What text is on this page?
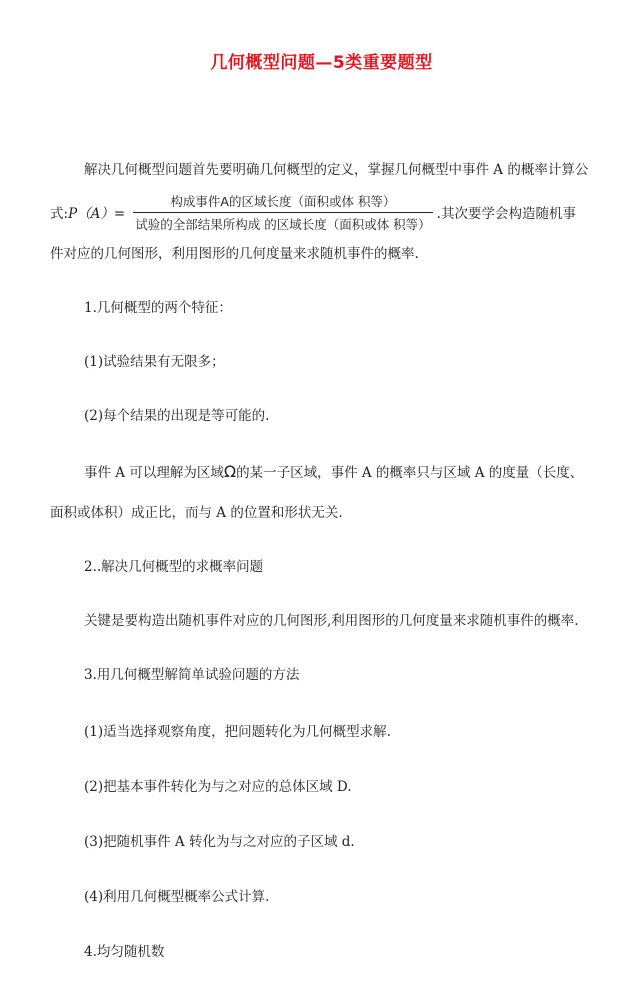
几何概型问题—5类重要题型
解决几何概型问题首先要明确几何概型的定义，掌握几何概型中事件 A 的概率计算公
式: $P(A)= \frac{\text{构成事件A的区域长度（面积或体 积等）}}{\text{试验的全部结果所构成 的区域长度（面积或体 积等）}}$ .其次要学会构造随机事
件对应的几何图形，利用图形的几何度量来求随机事件的概率.
1.几何概型的两个特征：
(1)试验结果有无限多；
(2)每个结果的出现是等可能的.
事件 A 可以理解为区域Ω的某一子区域，事件 A 的概率只与区域 A 的度量（长度、
面积或体积）成正比，而与 A 的位置和形状无关.
2..解决几何概型的求概率问题
关键是要构造出随机事件对应的几何图形,利用图形的几何度量来求随机事件的概率.
3.用几何概型解简单试验问题的方法
(1)适当选择观察角度，把问题转化为几何概型求解.
(2)把基本事件转化为与之对应的总体区域 D.
(3)把随机事件 A 转化为与之对应的子区域 d.
(4)利用几何概型概率公式计算.
4.均匀随机数
